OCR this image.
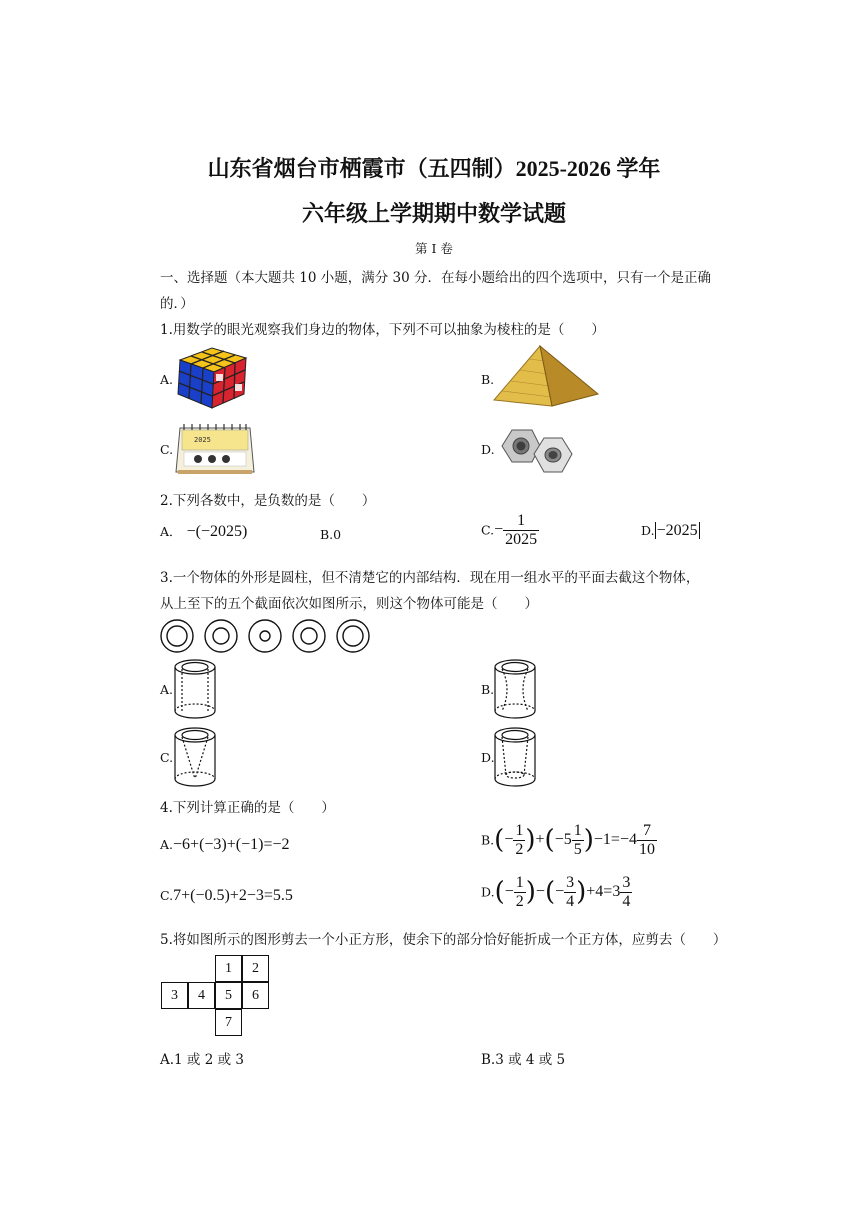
山东省烟台市栖霞市（五四制）2025-2026 学年
六年级上学期期中数学试题
第 I 卷
一、选择题（本大题共 10 小题，满分 30 分．在每小题给出的四个选项中，只有一个是正确
的．）
1.用数学的眼光观察我们身边的物体，下列不可以抽象为棱柱的是（　　）
A.	B.
C.
2025
D.
2.下列各数中，是负数的是（　　）
A． −(−2025)	B.0	$C.- \frac{1}{2025}$	D. −2025
3.一个物体的外形是圆柱，但不清楚它的内部结构．现在用一组水平的平面去截这个物体，
从上至下的五个截面依次如图所示，则这个物体可能是（　　）
A.	B.
C.	D.
4.下列计算正确的是（　　）
A.−6+(−3)+(−1)=−2	$B.(- \frac{1}{2} )+(-5 \frac{1}{5} )-1=-4 \frac{7}{10}$
C.7+(−0.5)+2−3=5.5	$D.(- \frac{1}{2}$ )−(− $\frac{3}{4} )+4=3 \frac{3}{4}$
5.将如图所示的图形剪去一个小正方形，使余下的部分恰好能折成一个正方体，应剪去（　　）
1	2
3	4	5	6
7
A.1 或 2 或 3	B.3 或 4 或 5
